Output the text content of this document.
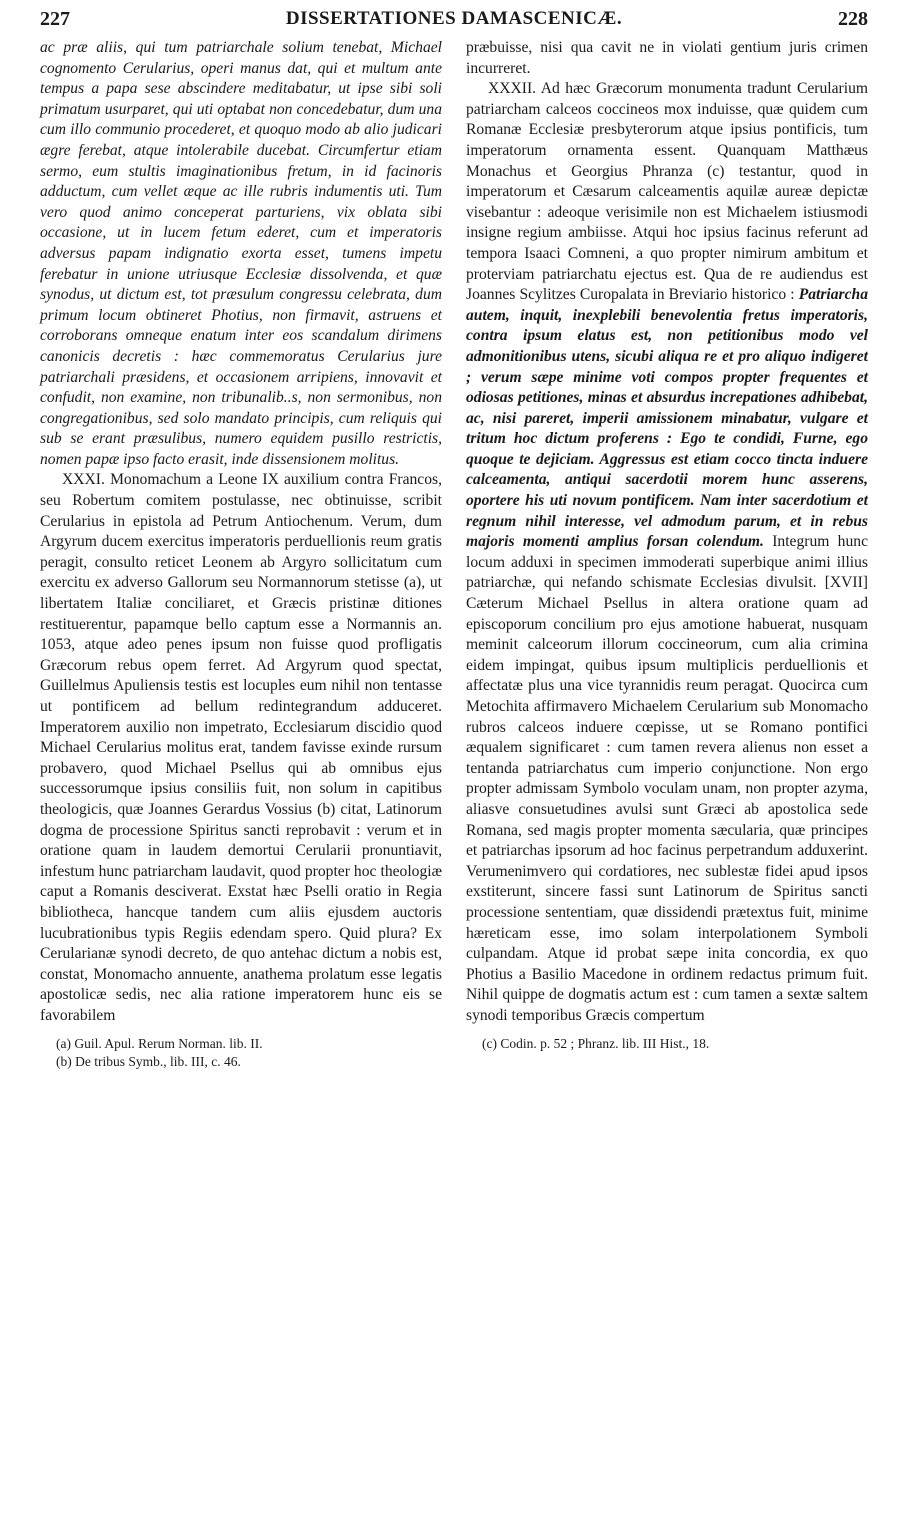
227	DISSERTATIONES DAMASCENICÆ.	228

ac præ aliis, qui tum patriarchale solium tenebat, Michael cognomento Cerularius, operi manus dat, qui et multum ante tempus a papa sese abscindere meditabatur, ut ipse sibi soli primatum usurparet, qui uti optabat non concedebatur, dum una cum illo communio procederet, et quoquo modo ab alio judicari ægre ferebat, atque intolerabile ducebat. Circumfertur etiam sermo, eum stultis imaginationibus fretum, in id facinoris adductum, cum vellet æque ac ille rubris indumentis uti. Tum vero quod animo conceperat parturiens, vix oblata sibi occasione, ut in lucem fetum ederet, cum et imperatoris adversus papam indignatio exorta esset, tumens impetu ferebatur in unione utriusque Ecclesiæ dissolvenda, et quæ synodus, ut dictum est, tot præsulum congressu celebrata, dum primum locum obtineret Photius, non firmavit, astruens et corroborans omneque enatum inter eos scandalum dirimens canonicis decretis : hæc commemoratus Cerularius jure patriarchali præsidens, et occasionem arripiens, innovavit et confudit, non examine, non tribunalib..s, non sermonibus, non congregationibus, sed solo mandato principis, cum reliquis qui sub se erant præsulibus, numero equidem pusillo restrictis, nomen papæ ipso facto erasit, inde dissensionem molitus.

XXXI. Monomachum a Leone IX auxilium contra Francos, seu Robertum comitem postulasse, nec obtinuisse, scribit Cerularius in epistola ad Petrum Antiochenum. Verum, dum Argyrum ducem exercitus imperatoris perduellionis reum gratis peragit, consulto reticet Leonem ab Argyro sollicitatum cum exercitu ex adverso Gallorum seu Normannorum stetisse (a), ut libertatem Italiæ conciliaret, et Græcis pristinæ ditiones restituerentur, papamque bello captum esse a Normannis an. 1053, atque adeo penes ipsum non fuisse quod profligatis Græcorum rebus opem ferret. Ad Argyrum quod spectat, Guillelmus Apuliensis testis est locuples eum nihil non tentasse ut pontificem ad bellum redintegrandum adduceret. Imperatorem auxilio non impetrato, Ecclesiarum discidio quod Michael Cerularius molitus erat, tandem favisse exinde rursum probavero, quod Michael Psellus qui ab omnibus ejus successorumque ipsius consiliis fuit, non solum in capitibus theologicis, quæ Joannes Gerardus Vossius (b) citat, Latinorum dogma de processione Spiritus sancti reprobavit : verum et in oratione quam in laudem demortui Cerularii pronuntiavit, infestum hunc patriarcham laudavit, quod propter hoc theologiæ caput a Romanis desciverat. Exstat hæc Pselli oratio in Regia bibliotheca, hancque tandem cum aliis ejusdem auctoris lucubrationibus typis Regiis edendam spero. Quid plura? Ex Cerularianæ synodi decreto, de quo antehac dictum a nobis est, constat, Monomacho annuente, anathema prolatum esse legatis apostolicæ sedis, nec alia ratione imperatorem hunc eis se favorabilem

(a) Guil. Apul. Rerum Norman. lib. II.
(b) De tribus Symb., lib. III, c. 46.

præbuisse, nisi qua cavit ne in violati gentium juris crimen incurreret.

XXXII. Ad hæc Græcorum monumenta tradunt Cerularium patriarcham calceos coccineos mox induisse, quæ quidem cum Romanæ Ecclesiæ presbyterorum atque ipsius pontificis, tum imperatorum ornamenta essent. Quanquam Matthæus Monachus et Georgius Phranza (c) testantur, quod in imperatorum et Cæsarum calceamentis aquilæ aureæ depictæ visebantur : adeoque verisimile non est Michaelem istiusmodi insigne regium ambiisse. Atqui hoc ipsius facinus referunt ad tempora Isaaci Comneni, a quo propter nimirum ambitum et proterviam patriarchatu ejectus est. Qua de re audiendus est Joannes Scylitzes Curopalata in Breviario historico : Patriarcha autem, inquit, inexplebili benevolentia fretus imperatoris, contra ipsum elatus est, non petitionibus modo vel admonitionibus utens, sicubi aliqua re et pro aliquo indigeret ; verum sæpe minime voti compos propter frequentes et odiosas petitiones, minas et absurdus increpationes adhibebat, ac, nisi pareret, imperii amissionem minabatur, vulgare et tritum hoc dictum proferens : Ego te condidi, Furne, ego quoque te dejiciam. Aggressus est etiam cocco tincta induere calceamenta, antiqui sacerdotii morem hunc asserens, oportere his uti novum pontificem. Nam inter sacerdotium et regnum nihil interesse, vel admodum parum, et in rebus majoris momenti amplius forsan colendum. Integrum hunc locum adduxi in specimen immoderati superbique animi illius patriarchæ, qui nefando schismate Ecclesias divulsit. [XVII] Cæterum Michael Psellus in altera oratione quam ad episcoporum concilium pro ejus amotione habuerat, nusquam meminit calceorum illorum coccineorum, cum alia crimina eidem impingat, quibus ipsum multiplicis perduellionis et affectatæ plus una vice tyrannidis reum peragat. Quocirca cum Metochita affirmavero Michaelem Cerularium sub Monomacho rubros calceos induere cœpisse, ut se Romano pontifici æqualem significaret : cum tamen revera alienus non esset a tentanda patriarchatus cum imperio conjunctione. Non ergo propter admissam Symbolo voculam unam, non propter azyma, aliasve consuetudines avulsi sunt Græci ab apostolica sede Romana, sed magis propter momenta sæcularia, quæ principes et patriarchas ipsorum ad hoc facinus perpetrandum adduxerint. Verumenimvero qui cordatiores, nec sublestæ fidei apud ipsos exstiterunt, sincere fassi sunt Latinorum de Spiritus sancti processione sententiam, quæ dissidendi prætextus fuit, minime hæreticam esse, imo solam interpolationem Symboli culpandam. Atque id probat sæpe inita concordia, ex quo Photius a Basilio Macedone in ordinem redactus primum fuit. Nihil quippe de dogmatis actum est : cum tamen a sextæ saltem synodi temporibus Græcis compertum

(c) Codin. p. 52 ; Phranz. lib. III Hist., 18.
